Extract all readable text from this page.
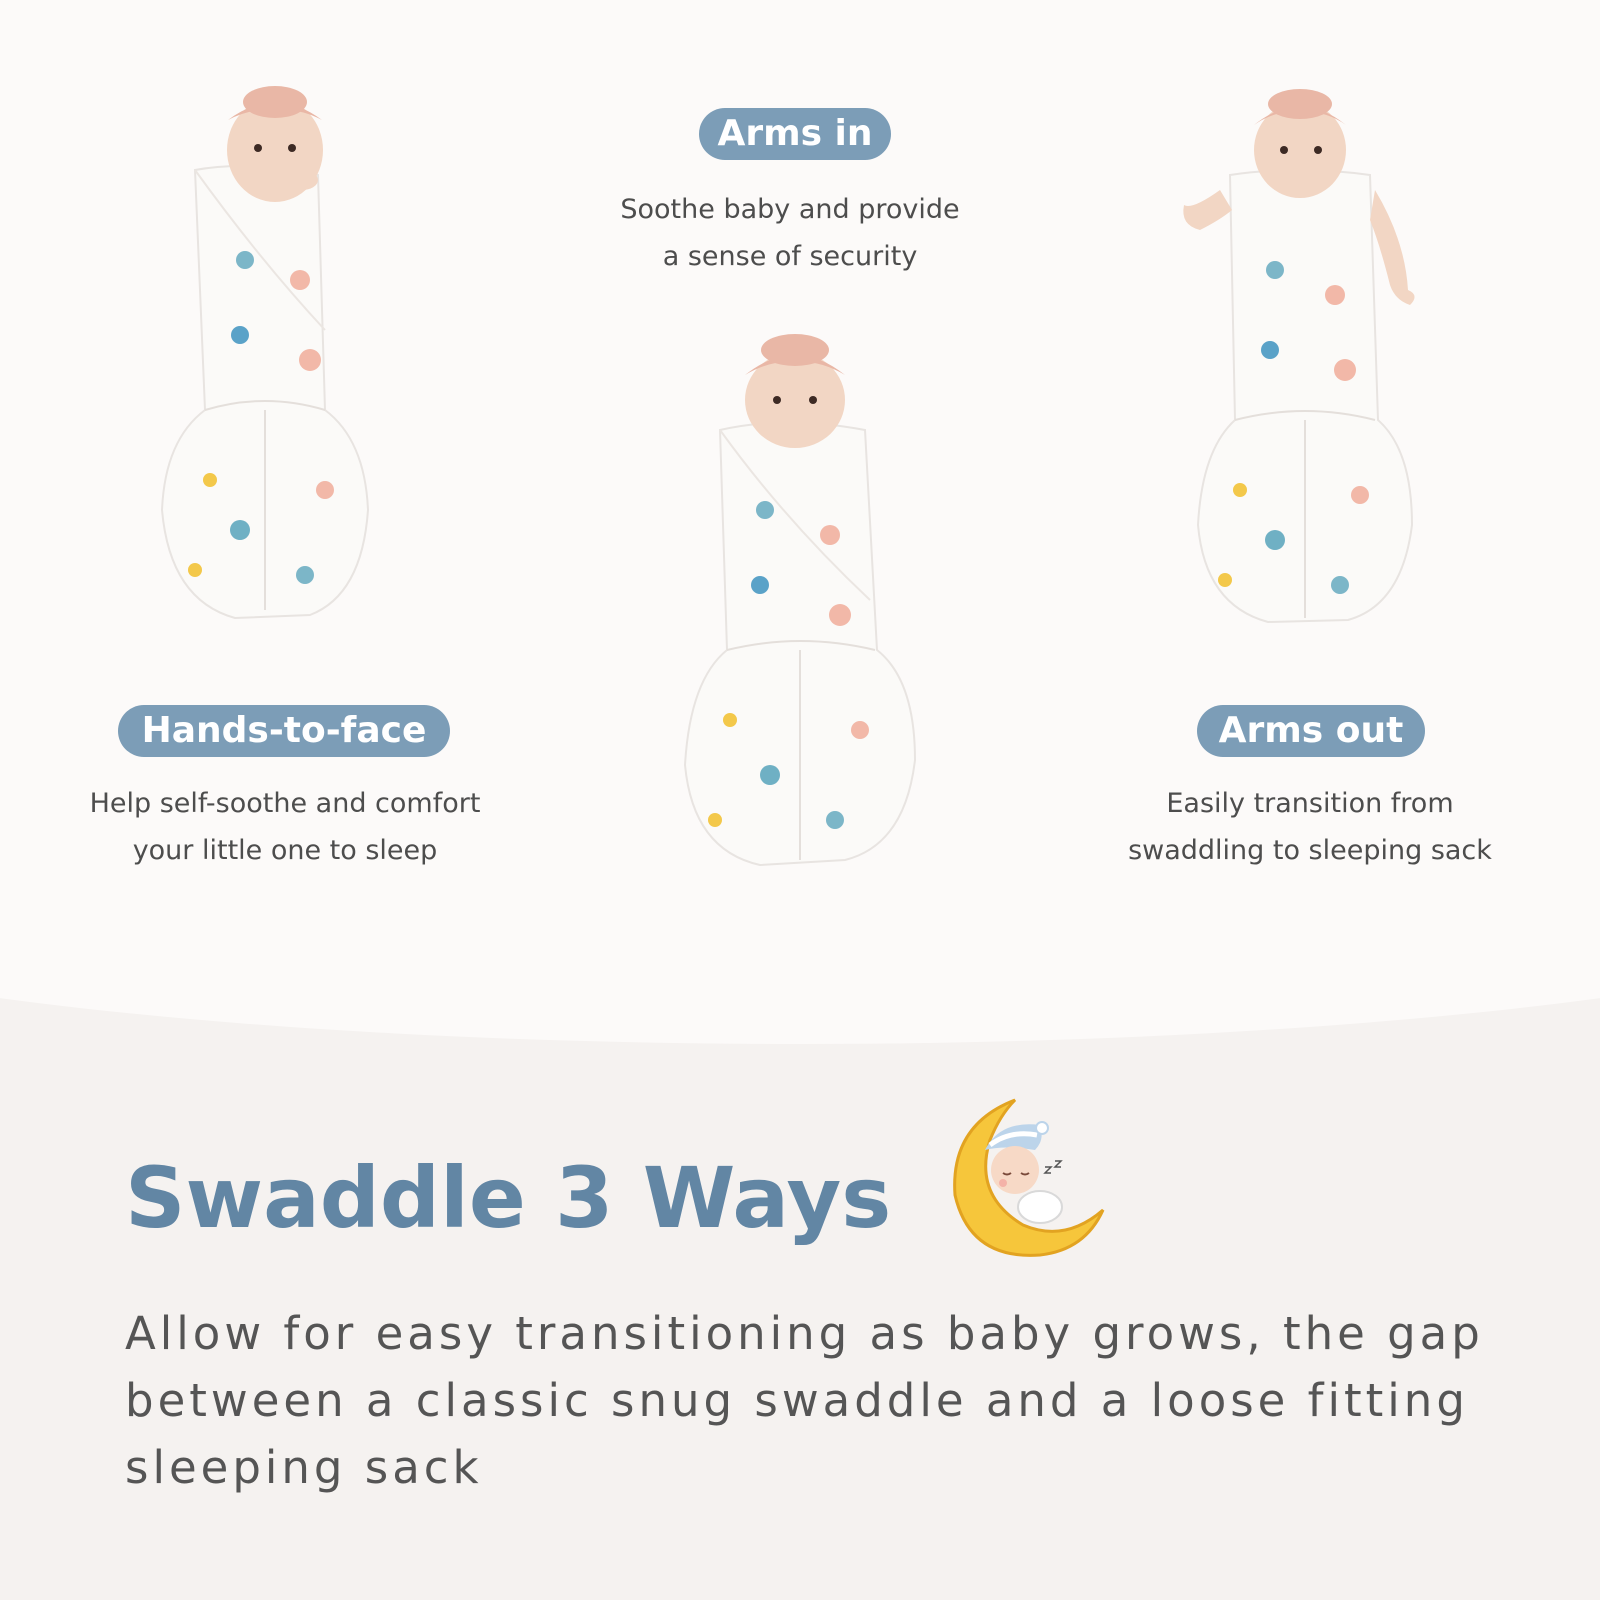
Arms in
Soothe baby and provide
a sense of security
Hands-to-face
Help self-soothe and comfort
your little one to sleep
Arms out
Easily transition from
swaddling to sleeping sack
Swaddle 3 Ways
Allow for easy transitioning as baby grows, the gap between a classic snug swaddle and a loose fitting sleeping sack
